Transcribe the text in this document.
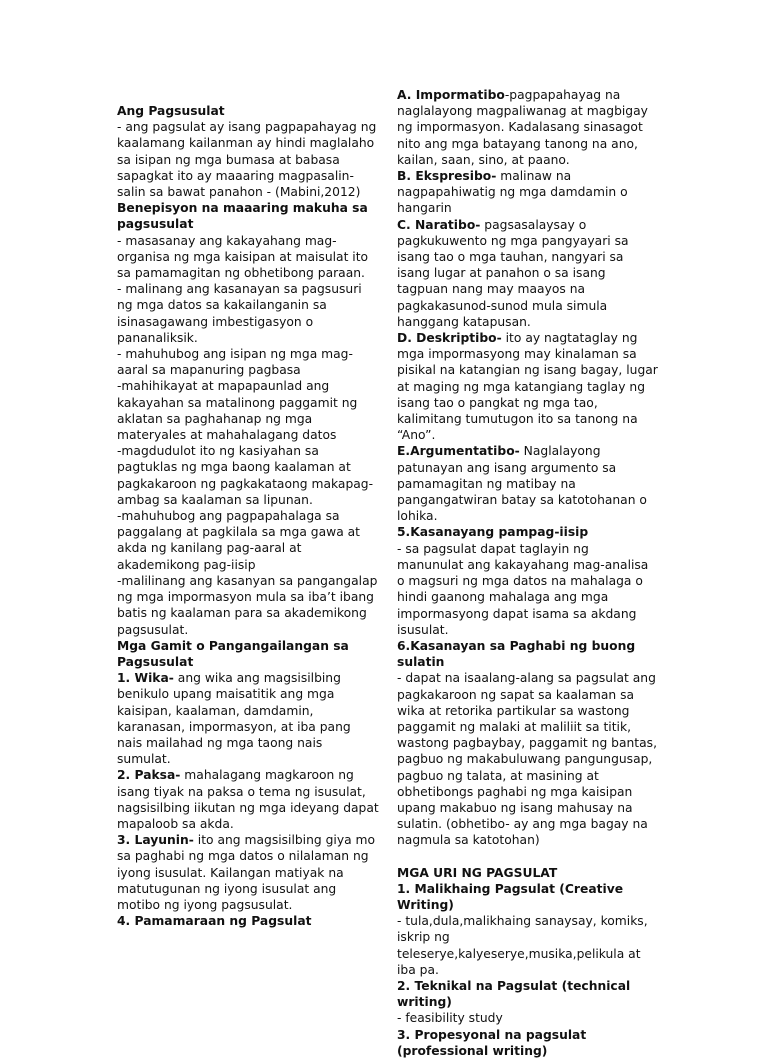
Ang Pagsusulat

- ang pagsulat ay isang pagpapahayag ng kaalamang kailanman ay hindi maglalaho sa isipan ng mga bumasa at babasa sapagkat ito ay maaaring magpasalin-salin sa bawat panahon - (Mabini,2012)

Benepisyon na maaaring makuha sa pagsusulat

- masasanay ang kakayahang mag-organisa ng mga kaisipan at maisulat ito sa pamamagitan ng obhetibong paraan.

- malinang ang kasanayan sa pagsusuri ng mga datos sa kakailanganin sa isinasagawang imbestigasyon o pananaliksik.

- mahuhubog ang isipan ng mga mag-aaral sa mapanuring pagbasa

-mahihikayat at mapapaunlad ang kakayahan sa matalinong paggamit ng aklatan sa paghahanap ng mga materyales at mahahalagang datos

-magdudulot ito ng kasiyahan sa pagtuklas ng mga baong kaalaman at pagkakaroon ng pagkakataong makapag-ambag sa kaalaman sa lipunan.

-mahuhubog ang pagpapahalaga sa paggalang at pagkilala sa mga gawa at akda ng kanilang pag-aaral at akademikong pag-iisip

-malilinang ang kasanyan sa pangangalap ng mga impormasyon mula sa iba’t ibang batis ng kaalaman para sa akademikong pagsusulat.

Mga Gamit o Pangangailangan sa Pagsusulat

1. Wika- ang wika ang magsisilbing benikulo upang maisatitik ang mga kaisipan, kaalaman, damdamin, karanasan, impormasyon, at iba pang nais mailahad ng mga taong nais sumulat.

2. Paksa- mahalagang magkaroon ng isang tiyak na paksa o tema ng isusulat, nagsisilbing iikutan ng mga ideyang dapat mapaloob sa akda.

3. Layunin- ito ang magsisilbing giya mo sa paghabi ng mga datos o nilalaman ng iyong isusulat. Kailangan matiyak na matutugunan ng iyong isusulat ang motibo ng iyong pagsusulat.

4. Pamamaraan ng Pagsulat

A. Impormatibo-pagpapahayag na naglalayong magpaliwanag at magbigay ng impormasyon. Kadalasang sinasagot nito ang mga batayang tanong na ano, kailan, saan, sino, at paano.

B. Ekspresibo- malinaw na nagpapahiwatig ng mga damdamin o hangarin

C. Naratibo- pagsasalaysay o pagkukuwento ng mga pangyayari sa isang tao o mga tauhan, nangyari sa isang lugar at panahon o sa isang tagpuan nang may maayos na pagkakasunod-sunod mula simula hanggang katapusan.

D. Deskriptibo- ito ay nagtataglay ng mga impormasyong may kinalaman sa pisikal na katangian ng isang bagay, lugar at maging ng mga katangiang taglay ng isang tao o pangkat ng mga tao, kalimitang tumutugon ito sa tanong na “Ano”.

E.Argumentatibo- Naglalayong patunayan ang isang argumento sa pamamagitan ng matibay na pangangatwiran batay sa katotohanan o lohika.

5.Kasanayang pampag-iisip

- sa pagsulat dapat taglayin ng manunulat ang kakayahang mag-analisa o magsuri ng mga datos na mahalaga o hindi gaanong mahalaga ang mga impormasyong dapat isama sa akdang isusulat.

6.Kasanayan sa Paghabi ng buong sulatin

- dapat na isaalang-alang sa pagsulat ang pagkakaroon ng sapat sa kaalaman sa wika at retorika partikular sa wastong paggamit ng malaki at maliliit sa titik, wastong pagbaybay, paggamit ng bantas, pagbuo ng makabuluwang pangungusap, pagbuo ng talata, at masining at obhetibongs paghabi ng mga kaisipan upang makabuo ng isang mahusay na sulatin. (obhetibo- ay ang mga bagay na nagmula sa katotohan)

MGA URI NG PAGSULAT

1. Malikhaing Pagsulat (Creative Writing)

- tula,dula,malikhaing sanaysay, komiks, iskrip ng teleserye,kalyeserye,musika,pelikula at iba pa.

2. Teknikal na Pagsulat (technical writing)

- feasibility study

3. Propesyonal na pagsulat (professional writing)
